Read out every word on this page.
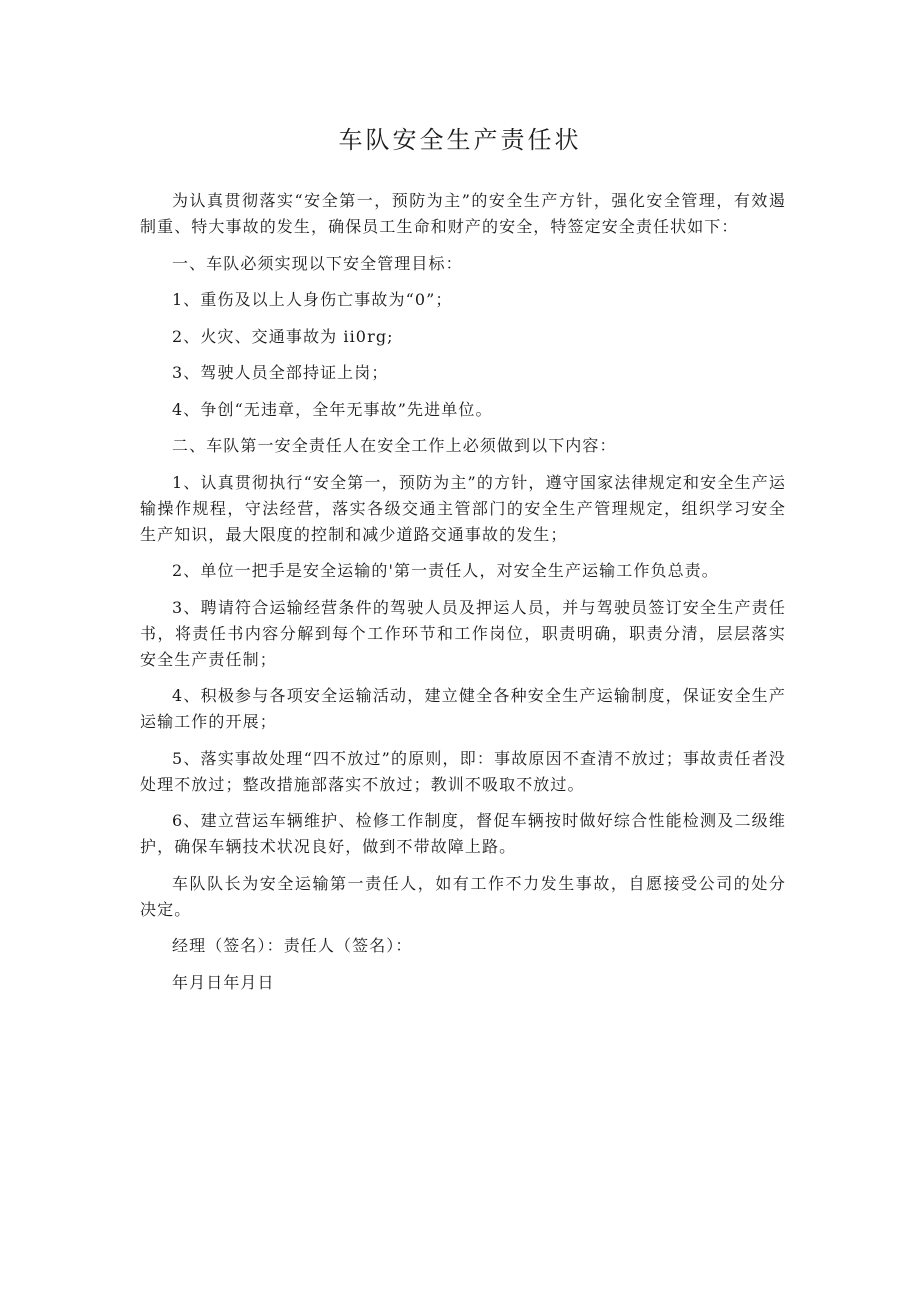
车队安全生产责任状

为认真贯彻落实“安全第一，预防为主”的安全生产方针，强化安全管理，有效遏制重、特大事故的发生，确保员工生命和财产的安全，特签定安全责任状如下：

一、车队必须实现以下安全管理目标：

1、重伤及以上人身伤亡事故为“0”；

2、火灾、交通事故为 ii0rg;

3、驾驶人员全部持证上岗；

4、争创“无违章，全年无事故”先进单位。

二、车队第一安全责任人在安全工作上必须做到以下内容：

1、认真贯彻执行“安全第一，预防为主”的方针，遵守国家法律规定和安全生产运输操作规程，守法经营，落实各级交通主管部门的安全生产管理规定，组织学习安全生产知识，最大限度的控制和减少道路交通事故的发生；

2、单位一把手是安全运输的'第一责任人，对安全生产运输工作负总责。

3、聘请符合运输经营条件的驾驶人员及押运人员，并与驾驶员签订安全生产责任书，将责任书内容分解到每个工作环节和工作岗位，职责明确，职责分清，层层落实安全生产责任制；

4、积极参与各项安全运输活动，建立健全各种安全生产运输制度，保证安全生产运输工作的开展；

5、落实事故处理“四不放过”的原则，即：事故原因不查清不放过；事故责任者没处理不放过；整改措施部落实不放过；教训不吸取不放过。

6、建立营运车辆维护、检修工作制度，督促车辆按时做好综合性能检测及二级维护，确保车辆技术状况良好，做到不带故障上路。

车队队长为安全运输第一责任人，如有工作不力发生事故，自愿接受公司的处分决定。

经理（签名）：责任人（签名）：

年月日年月日
